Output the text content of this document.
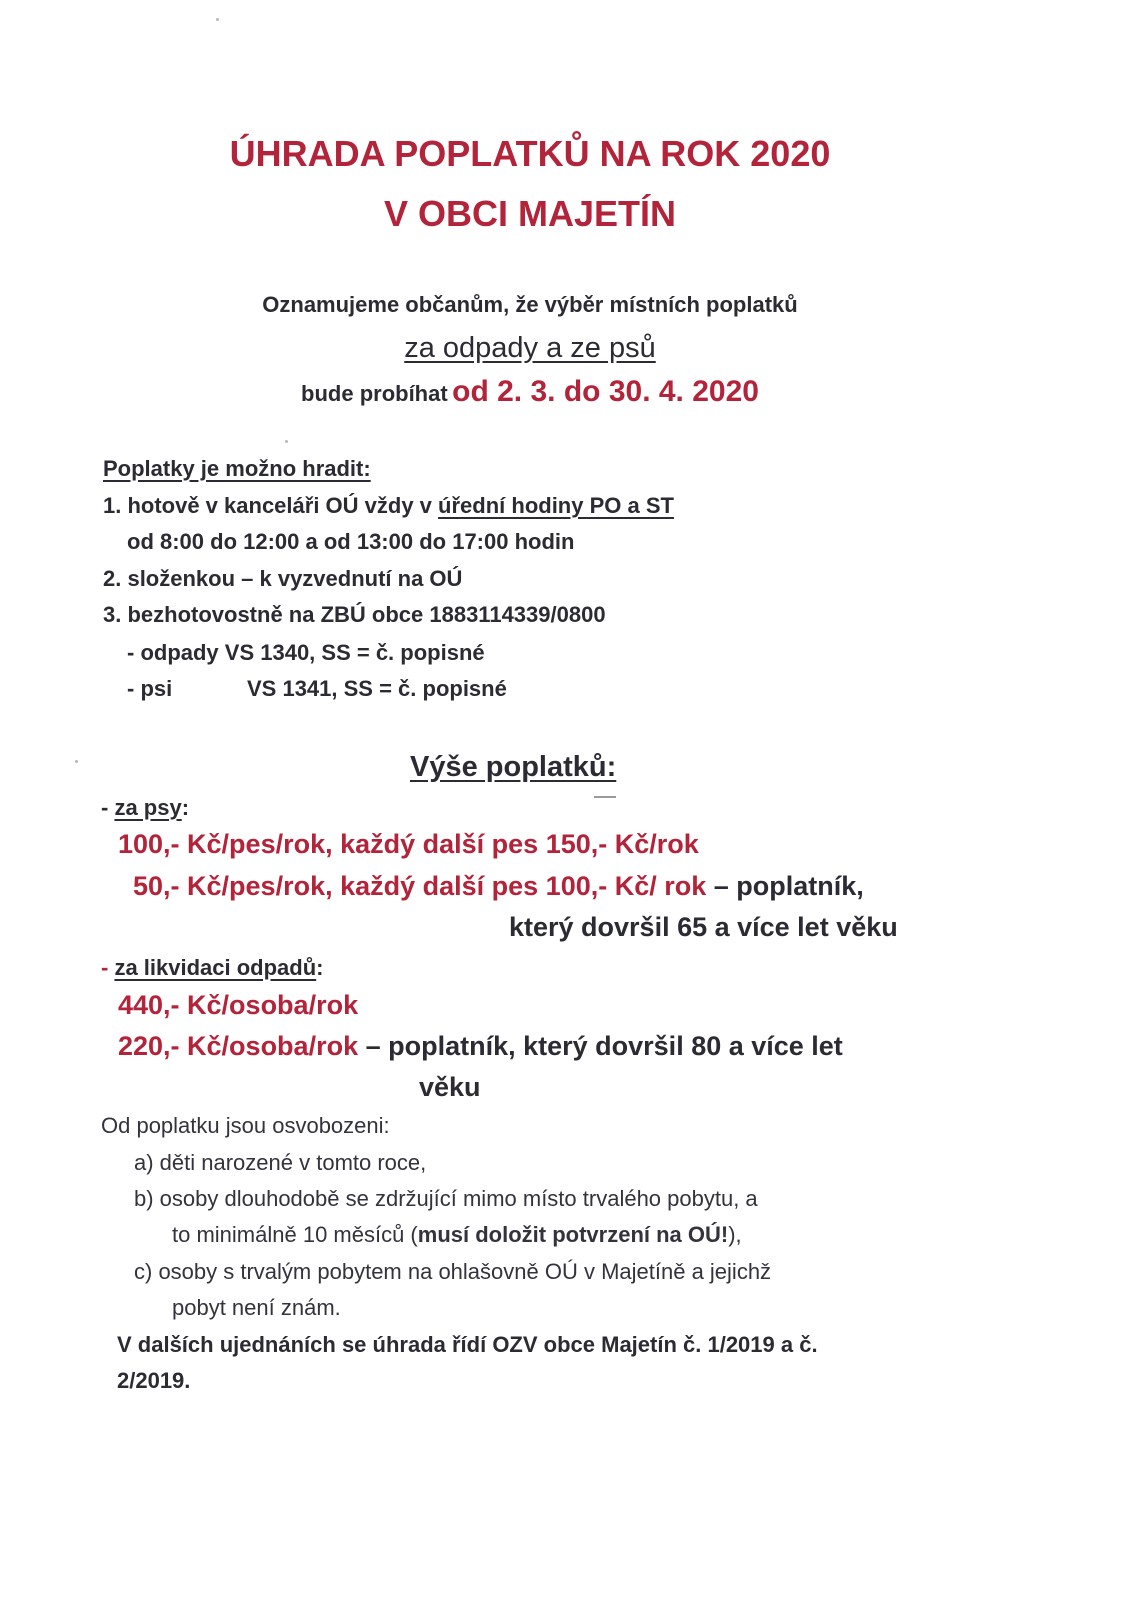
ÚHRADA POPLATKŮ NA ROK 2020
V OBCI MAJETÍN
Oznamujeme občanům, že výběr místních poplatků
za odpady a ze psů
bude probíhat od 2. 3. do 30. 4. 2020
Poplatky je možno hradit:
1. hotově v kanceláři OÚ vždy v úřední hodiny PO a ST
od 8:00 do 12:00 a od 13:00 do 17:00 hodin
2. složenkou – k vyzvednutí na OÚ
3. bezhotovostně na ZBÚ obce 1883114339/0800
- odpady VS 1340, SS = č. popisné
- psi	VS 1341, SS = č. popisné
Výše poplatků:
- za psy:
100,- Kč/pes/rok, každý další pes 150,- Kč/rok
50,- Kč/pes/rok, každý další pes 100,- Kč/ rok – poplatník,
který dovršil 65 a více let věku
- za likvidaci odpadů:
440,- Kč/osoba/rok
220,- Kč/osoba/rok – poplatník, který dovršil 80 a více let
věku
Od poplatku jsou osvobozeni:
a) děti narozené v tomto roce,
b) osoby dlouhodobě se zdržující mimo místo trvalého pobytu, a
to minimálně 10 měsíců (musí doložit potvrzení na OÚ!),
c) osoby s trvalým pobytem na ohlašovně OÚ v Majetíně a jejichž
pobyt není znám.
V dalších ujednáních se úhrada řídí OZV obce Majetín č. 1/2019 a č.
2/2019.
